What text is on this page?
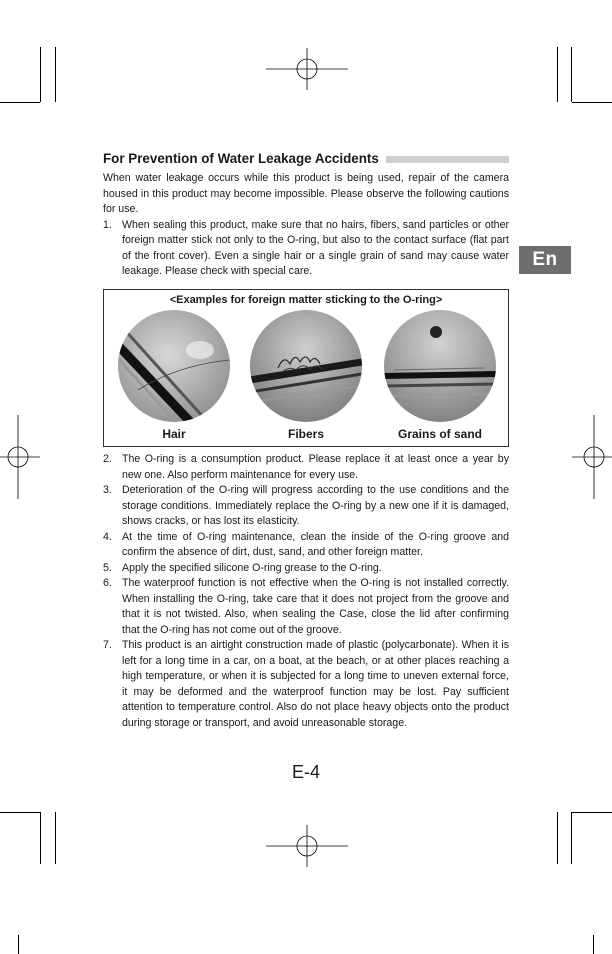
En
For Prevention of Water Leakage Accidents

When water leakage occurs while this product is being used, repair of the camera housed in this product may become impossible. Please observe the following cautions for use.

1. When sealing this product, make sure that no hairs, fibers, sand particles or other foreign matter stick not only to the O-ring, but also to the contact surface (flat part of the front cover). Even a single hair or a single grain of sand may cause water leakage. Please check with special care.
<Examples for foreign matter sticking to the O-ring>
Hair	Fibers	Grains of sand
2. The O-ring is a consumption product. Please replace it at least once a year by new one. Also perform maintenance for every use.
3. Deterioration of the O-ring will progress according to the use conditions and the storage conditions. Immediately replace the O-ring by a new one if it is damaged, shows cracks, or has lost its elasticity.
4. At the time of O-ring maintenance, clean the inside of the O-ring groove and confirm the absence of dirt, dust, sand, and other foreign matter.
5. Apply the specified silicone O-ring grease to the O-ring.
6. The waterproof function is not effective when the O-ring is not installed correctly. When installing the O-ring, take care that it does not project from the groove and that it is not twisted. Also, when sealing the Case, close the lid after confirming that the O-ring has not come out of the groove.
7. This product is an airtight construction made of plastic (polycarbonate). When it is left for a long time in a car, on a boat, at the beach, or at other places reaching a high temperature, or when it is subjected for a long time to uneven external force, it may be deformed and the waterproof function may be lost. Pay sufficient attention to temperature control. Also do not place heavy objects onto the product during storage or transport, and avoid unreasonable storage.
E-4
